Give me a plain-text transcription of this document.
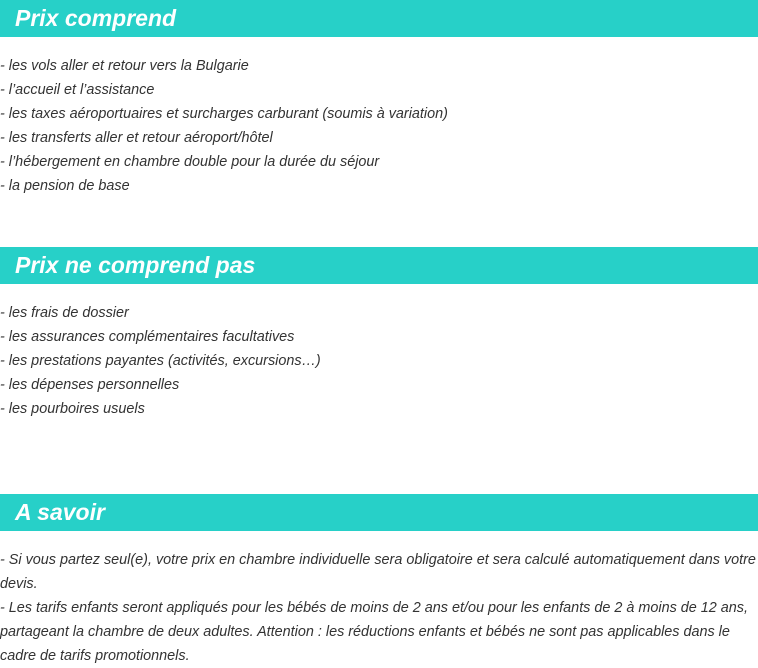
Prix comprend
- les vols aller et retour vers la Bulgarie
- l’accueil et l’assistance
- les taxes aéroportuaires et surcharges carburant (soumis à variation)
- les transferts aller et retour aéroport/hôtel
- l’hébergement en chambre double pour la durée du séjour
- la pension de base
Prix ne comprend pas
- les frais de dossier
- les assurances complémentaires facultatives
- les prestations payantes (activités, excursions…)
- les dépenses personnelles
- les pourboires usuels
A savoir

- Si vous partez seul(e), votre prix en chambre individuelle sera obligatoire et sera calculé automatiquement dans votre devis.

- Les tarifs enfants seront appliqués pour les bébés de moins de 2 ans et/ou pour les enfants de 2 à moins de 12 ans, partageant la chambre de deux adultes. Attention : les réductions enfants et bébés ne sont pas applicables dans le cadre de tarifs promotionnels.
